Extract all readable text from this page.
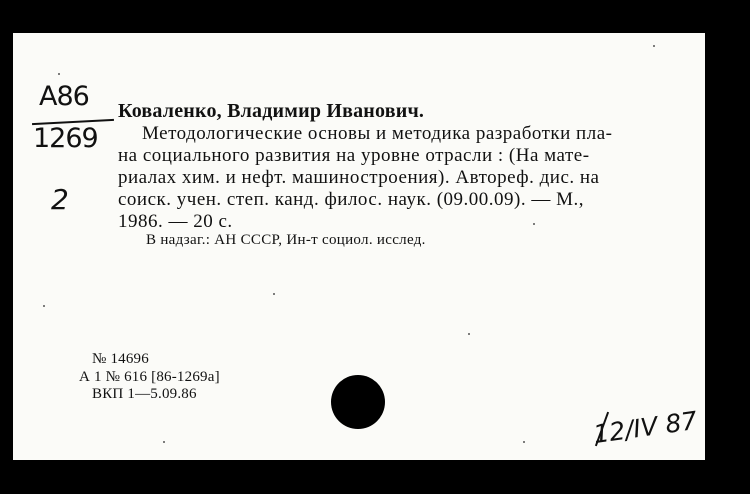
A86
1269
2
Коваленко, Владимир Иванович.
Методологические основы и методика разработки пла-
на социального развития на уровне отрасли : (На мате-
риалах хим. и нефт. машиностроения). Автореф. дис. на
соиск. учен. степ. канд. филос. наук. (09.00.09). — М.,
1986. — 20 с.
В надзаг.: АН СССР, Ин-т социол. исслед.
№ 14696
А 1 № 616 [86-1269а]
ВКП 1—5.09.86
12/IV 87
